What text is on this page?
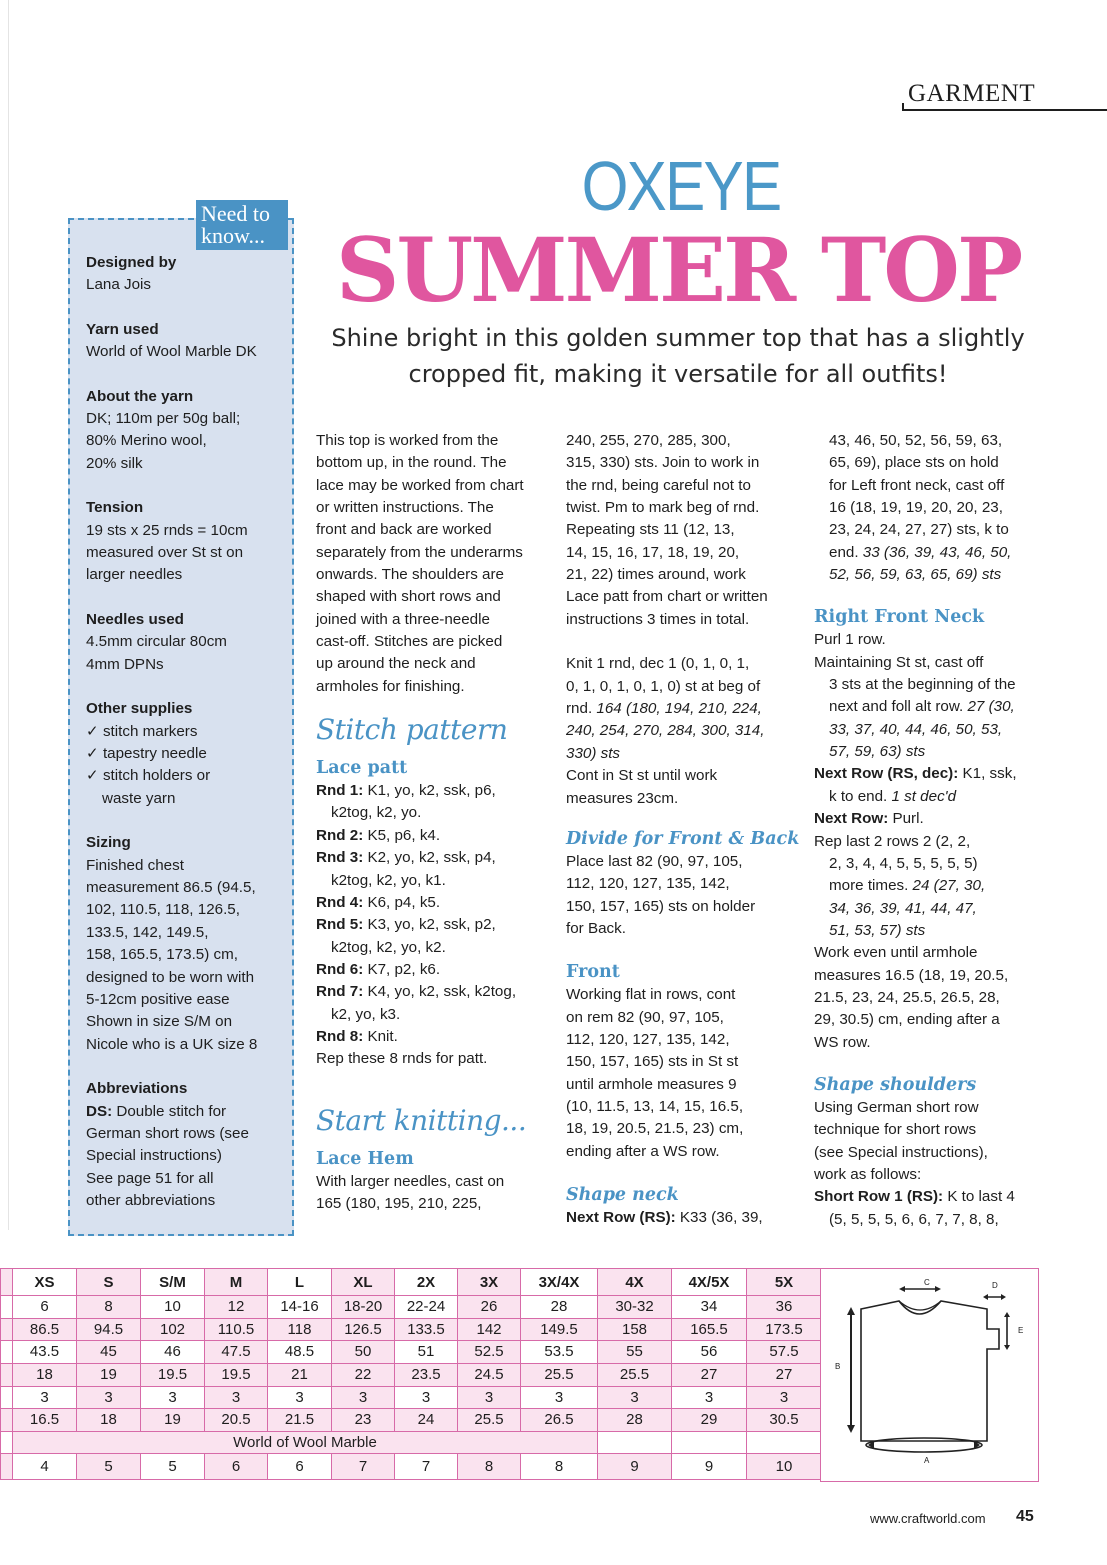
GARMENT
OXEYE
SUMMER TOP
Shine bright in this golden summer top that has a slightly
cropped fit, making it versatile for all outfits!
Need to
know...
Designed by
Lana Jois
Yarn used
World of Wool Marble DK
About the yarn
DK; 110m per 50g ball;
80% Merino wool,
20% silk
Tension
19 sts x 25 rnds = 10cm
measured over St st on
larger needles
Needles used
4.5mm circular 80cm
4mm DPNs
Other supplies
✓ stitch markers
✓ tapestry needle
✓ stitch holders or
waste yarn
Sizing
Finished chest
measurement 86.5 (94.5,
102, 110.5, 118, 126.5,
133.5, 142, 149.5,
158, 165.5, 173.5) cm,
designed to be worn with
5-12cm positive ease
Shown in size S/M on
Nicole who is a UK size 8
Abbreviations
DS: Double stitch for
German short rows (see
Special instructions)
See page 51 for all
other abbreviations

This top is worked from the

bottom up, in the round. The

lace may be worked from chart

or written instructions. The

front and back are worked

separately from the underarms

onwards. The shoulders are

shaped with short rows and

joined with a three-needle

cast-off. Stitches are picked

up around the neck and

armholes for finishing.

Stitch pattern

Lace patt

Rnd 1: K1, yo, k2, ssk, p6,

k2tog, k2, yo.

Rnd 2: K5, p6, k4.

Rnd 3: K2, yo, k2, ssk, p4,

k2tog, k2, yo, k1.

Rnd 4: K6, p4, k5.

Rnd 5: K3, yo, k2, ssk, p2,

k2tog, k2, yo, k2.

Rnd 6: K7, p2, k6.

Rnd 7: K4, yo, k2, ssk, k2tog,

k2, yo, k3.

Rnd 8: Knit.

Rep these 8 rnds for patt.

Start knitting...

Lace Hem

With larger needles, cast on

165 (180, 195, 210, 225,

240, 255, 270, 285, 300,

315, 330) sts. Join to work in

the rnd, being careful not to

twist. Pm to mark beg of rnd.

Repeating sts 11 (12, 13,

14, 15, 16, 17, 18, 19, 20,

21, 22) times around, work

Lace patt from chart or written

instructions 3 times in total.

Knit 1 rnd, dec 1 (0, 1, 0, 1,

0, 1, 0, 1, 0, 1, 0) st at beg of

rnd. 164 (180, 194, 210, 224,

240, 254, 270, 284, 300, 314,

330) sts

Cont in St st until work

measures 23cm.

Divide for Front & Back

Place last 82 (90, 97, 105,

112, 120, 127, 135, 142,

150, 157, 165) sts on holder

for Back.

Front

Working flat in rows, cont

on rem 82 (90, 97, 105,

112, 120, 127, 135, 142,

150, 157, 165) sts in St st

until armhole measures 9

(10, 11.5, 13, 14, 15, 16.5,

18, 19, 20.5, 21.5, 23) cm,

ending after a WS row.

Shape neck

Next Row (RS): K33 (36, 39,

43, 46, 50, 52, 56, 59, 63,

65, 69), place sts on hold

for Left front neck, cast off

16 (18, 19, 19, 20, 20, 23,

23, 24, 24, 27, 27) sts, k to

end. 33 (36, 39, 43, 46, 50,

52, 56, 59, 63, 65, 69) sts

Right Front Neck

Purl 1 row.

Maintaining St st, cast off

3 sts at the beginning of the

next and foll alt row. 27 (30,

33, 37, 40, 44, 46, 50, 53,

57, 59, 63) sts

Next Row (RS, dec): K1, ssk,

k to end. 1 st dec'd

Next Row: Purl.

Rep last 2 rows 2 (2, 2,

2, 3, 4, 4, 5, 5, 5, 5, 5)

more times. 24 (27, 30,

34, 36, 39, 41, 44, 47,

51, 53, 57) sts

Work even until armhole

measures 16.5 (18, 19, 20.5,

21.5, 23, 24, 25.5, 26.5, 28,

29, 30.5) cm, ending after a

WS row.

Shape shoulders

Using German short row

technique for short rows

(see Special instructions),

work as follows:

Short Row 1 (RS): K to last 4

(5, 5, 5, 5, 6, 6, 7, 7, 8, 8,

	XS	S	S/M	M	L	XL	2X	3X	3X/4X	4X	4X/5X	5X
	6	8	10	12	14-16	18-20	22-24	26	28	30-32	34	36
	86.5	94.5	102	110.5	118	126.5	133.5	142	149.5	158	165.5	173.5
	43.5	45	46	47.5	48.5	50	51	52.5	53.5	55	56	57.5
	18	19	19.5	19.5	21	22	23.5	24.5	25.5	25.5	27	27
	3	3	3	3	3	3	3	3	3	3	3	3
	16.5	18	19	20.5	21.5	23	24	25.5	26.5	28	29	30.5
	World of Wool Marble											
	4	5	5	6	6	7	7	8	8	9	9	10
C	D
E
B
A
www.craftworld.com 45
